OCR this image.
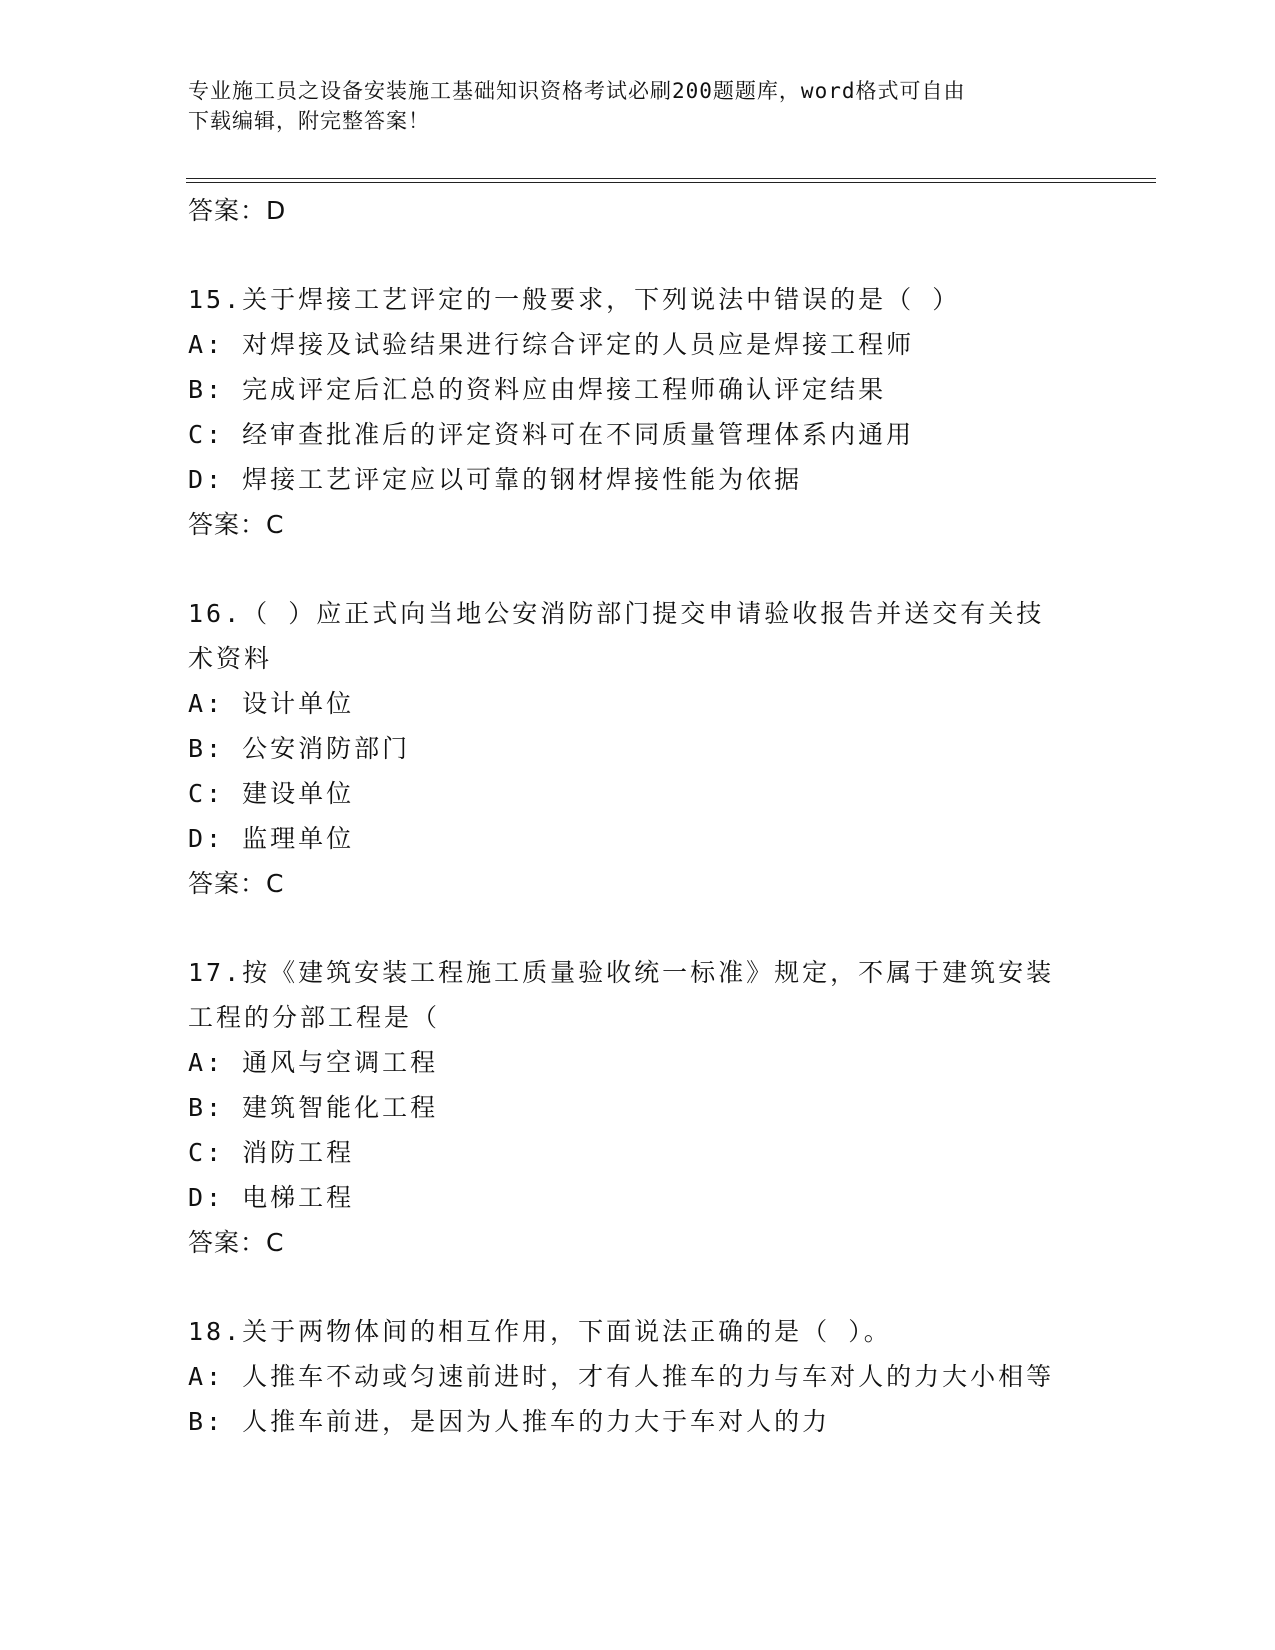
专业施工员之设备安装施工基础知识资格考试必刷200题题库，word格式可自由
下载编辑，附完整答案！
答案：D
15.关于焊接工艺评定的一般要求，下列说法中错误的是（ ）
A: 对焊接及试验结果进行综合评定的人员应是焊接工程师
B: 完成评定后汇总的资料应由焊接工程师确认评定结果
C: 经审查批准后的评定资料可在不同质量管理体系内通用
D: 焊接工艺评定应以可靠的钢材焊接性能为依据
答案：C
16.（ ）应正式向当地公安消防部门提交申请验收报告并送交有关技
术资料
A: 设计单位
B: 公安消防部门
C: 建设单位
D: 监理单位
答案：C
17.按《建筑安装工程施工质量验收统一标准》规定，不属于建筑安装
工程的分部工程是（
A: 通风与空调工程
B: 建筑智能化工程
C: 消防工程
D: 电梯工程
答案：C
18.关于两物体间的相互作用，下面说法正确的是（ ）。
A: 人推车不动或匀速前进时，才有人推车的力与车对人的力大小相等
B: 人推车前进，是因为人推车的力大于车对人的力
